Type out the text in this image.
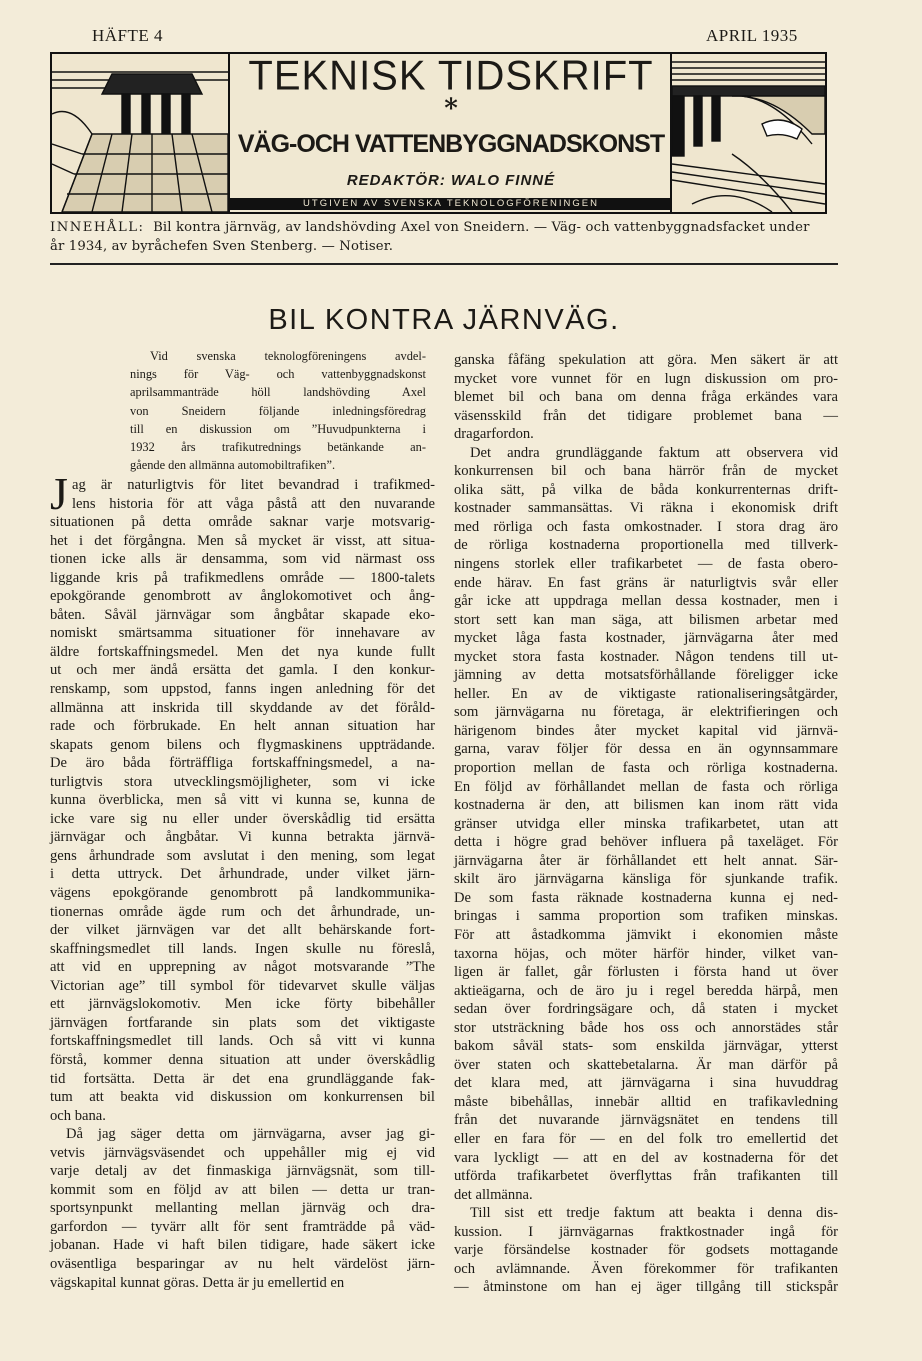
HÄFTE 4	APRIL 1935
TEKNISK TIDSKRIFT
*
VÄG-OCH VATTENBYGGNADSKONST
REDAKTÖR: WALO FINNÉ
UTGIVEN AV SVENSKA TEKNOLOGFÖRENINGEN
INNEHÅLL: Bil kontra järnväg, av landshövding Axel von Sneidern. — Väg- och vattenbyggnadsfacket under
år 1934, av byråchefen Sven Stenberg. — Notiser.
BIL KONTRA JÄRNVÄG.
Vid svenska teknologföreningens avdel-
nings för Väg- och vattenbyggnadskonst
aprilsammanträde höll landshövding Axel
von Sneidern följande inledningsföredrag
till en diskussion om ”Huvudpunkterna i
1932 års trafikutrednings betänkande an-
gående den allmänna automobiltrafiken”.
J ag är naturligtvis för litet bevandrad i trafikmed-
lens historia för att våga påstå att den nuvarande
situationen på detta område saknar varje motsvarig-
het i det förgångna. Men så mycket är visst, att situa-
tionen icke alls är densamma, som vid närmast oss
liggande kris på trafikmedlens område — 1800-talets
epokgörande genombrott av ånglokomotivet och ång-
båten. Såväl järnvägar som ångbåtar skapade eko-
nomiskt smärtsamma situationer för innehavare av
äldre fortskaffningsmedel. Men det nya kunde fullt
ut och mer ändå ersätta det gamla. I den konkur-
renskamp, som uppstod, fanns ingen anledning för det
allmänna att inskrida till skyddande av det föråld-
rade och förbrukade. En helt annan situation har
skapats genom bilens och flygmaskinens uppträdande.
De äro båda förträffliga fortskaffningsmedel, a na-
turligtvis stora utvecklingsmöjligheter, som vi icke
kunna överblicka, men så vitt vi kunna se, kunna de
icke vare sig nu eller under överskådlig tid ersätta
järnvägar och ångbåtar. Vi kunna betrakta järnvä-
gens århundrade som avslutat i den mening, som legat
i detta uttryck. Det århundrade, under vilket järn-
vägens epokgörande genombrott på landkommunika-
tionernas område ägde rum och det århundrade, un-
der vilket järnvägen var det allt behärskande fort-
skaffningsmedlet till lands. Ingen skulle nu föreslå,
att vid en upprepning av något motsvarande ”The
Victorian age” till symbol för tidevarvet skulle väljas
ett järnvägslokomotiv. Men icke förty bibehåller
järnvägen fortfarande sin plats som det viktigaste
fortskaffningsmedlet till lands. Och så vitt vi kunna
förstå, kommer denna situation att under överskådlig
tid fortsätta. Detta är det ena grundläggande fak-
tum att beakta vid diskussion om konkurrensen bil
och bana.
Då jag säger detta om järnvägarna, avser jag gi-
vetvis järnvägsväsendet och uppehåller mig ej vid
varje detalj av det finmaskiga järnvägsnät, som till-
kommit som en följd av att bilen — detta ur tran-
sportsynpunkt mellanting mellan järnväg och dra-
garfordon — tyvärr allt för sent framträdde på väd-
jobanan. Hade vi haft bilen tidigare, hade säkert icke
oväsentliga besparingar av nu helt värdelöst järn-
vägskapital kunnat göras. Detta är ju emellertid en
ganska fåfäng spekulation att göra. Men säkert är att
mycket vore vunnet för en lugn diskussion om pro-
blemet bil och bana om denna fråga erkändes vara
väsensskild från det tidigare problemet bana —
dragarfordon.
Det andra grundläggande faktum att observera vid
konkurrensen bil och bana härrör från de mycket
olika sätt, på vilka de båda konkurrenternas drift-
kostnader sammansättas. Vi räkna i ekonomisk drift
med rörliga och fasta omkostnader. I stora drag äro
de rörliga kostnaderna proportionella med tillverk-
ningens storlek eller trafikarbetet — de fasta obero-
ende härav. En fast gräns är naturligtvis svår eller
går icke att uppdraga mellan dessa kostnader, men i
stort sett kan man säga, att bilismen arbetar med
mycket låga fasta kostnader, järnvägarna åter med
mycket stora fasta kostnader. Någon tendens till ut-
jämning av detta motsatsförhållande föreligger icke
heller. En av de viktigaste rationaliseringsåtgärder,
som järnvägarna nu företaga, är elektrifieringen och
härigenom bindes åter mycket kapital vid järnvä-
garna, varav följer för dessa en än ogynnsammare
proportion mellan de fasta och rörliga kostnaderna.
En följd av förhållandet mellan de fasta och rörliga
kostnaderna är den, att bilismen kan inom rätt vida
gränser utvidga eller minska trafikarbetet, utan att
detta i högre grad behöver influera på taxeläget. För
järnvägarna åter är förhållandet ett helt annat. Sär-
skilt äro järnvägarna känsliga för sjunkande trafik.
De som fasta räknade kostnaderna kunna ej ned-
bringas i samma proportion som trafiken minskas.
För att åstadkomma jämvikt i ekonomien måste
taxorna höjas, och möter härför hinder, vilket van-
ligen är fallet, går förlusten i första hand ut över
aktieägarna, och de äro ju i regel beredda härpå, men
sedan över fordringsägare och, då staten i mycket
stor utsträckning både hos oss och annorstädes står
bakom såväl stats- som enskilda järnvägar, ytterst
över staten och skattebetalarna. Är man därför på
det klara med, att järnvägarna i sina huvuddrag
måste bibehållas, innebär alltid en trafikavledning
från det nuvarande järnvägsnätet en tendens till
eller en fara för — en del folk tro emellertid det
vara lyckligt — att en del av kostnaderna för det
utförda trafikarbetet överflyttas från trafikanten till
det allmänna.
Till sist ett tredje faktum att beakta i denna dis-
kussion. I järnvägarnas fraktkostnader ingå för
varje försändelse kostnader för godsets mottagande
och avlämnande. Även förekommer för trafikanten
— åtminstone om han ej äger tillgång till stickspår
